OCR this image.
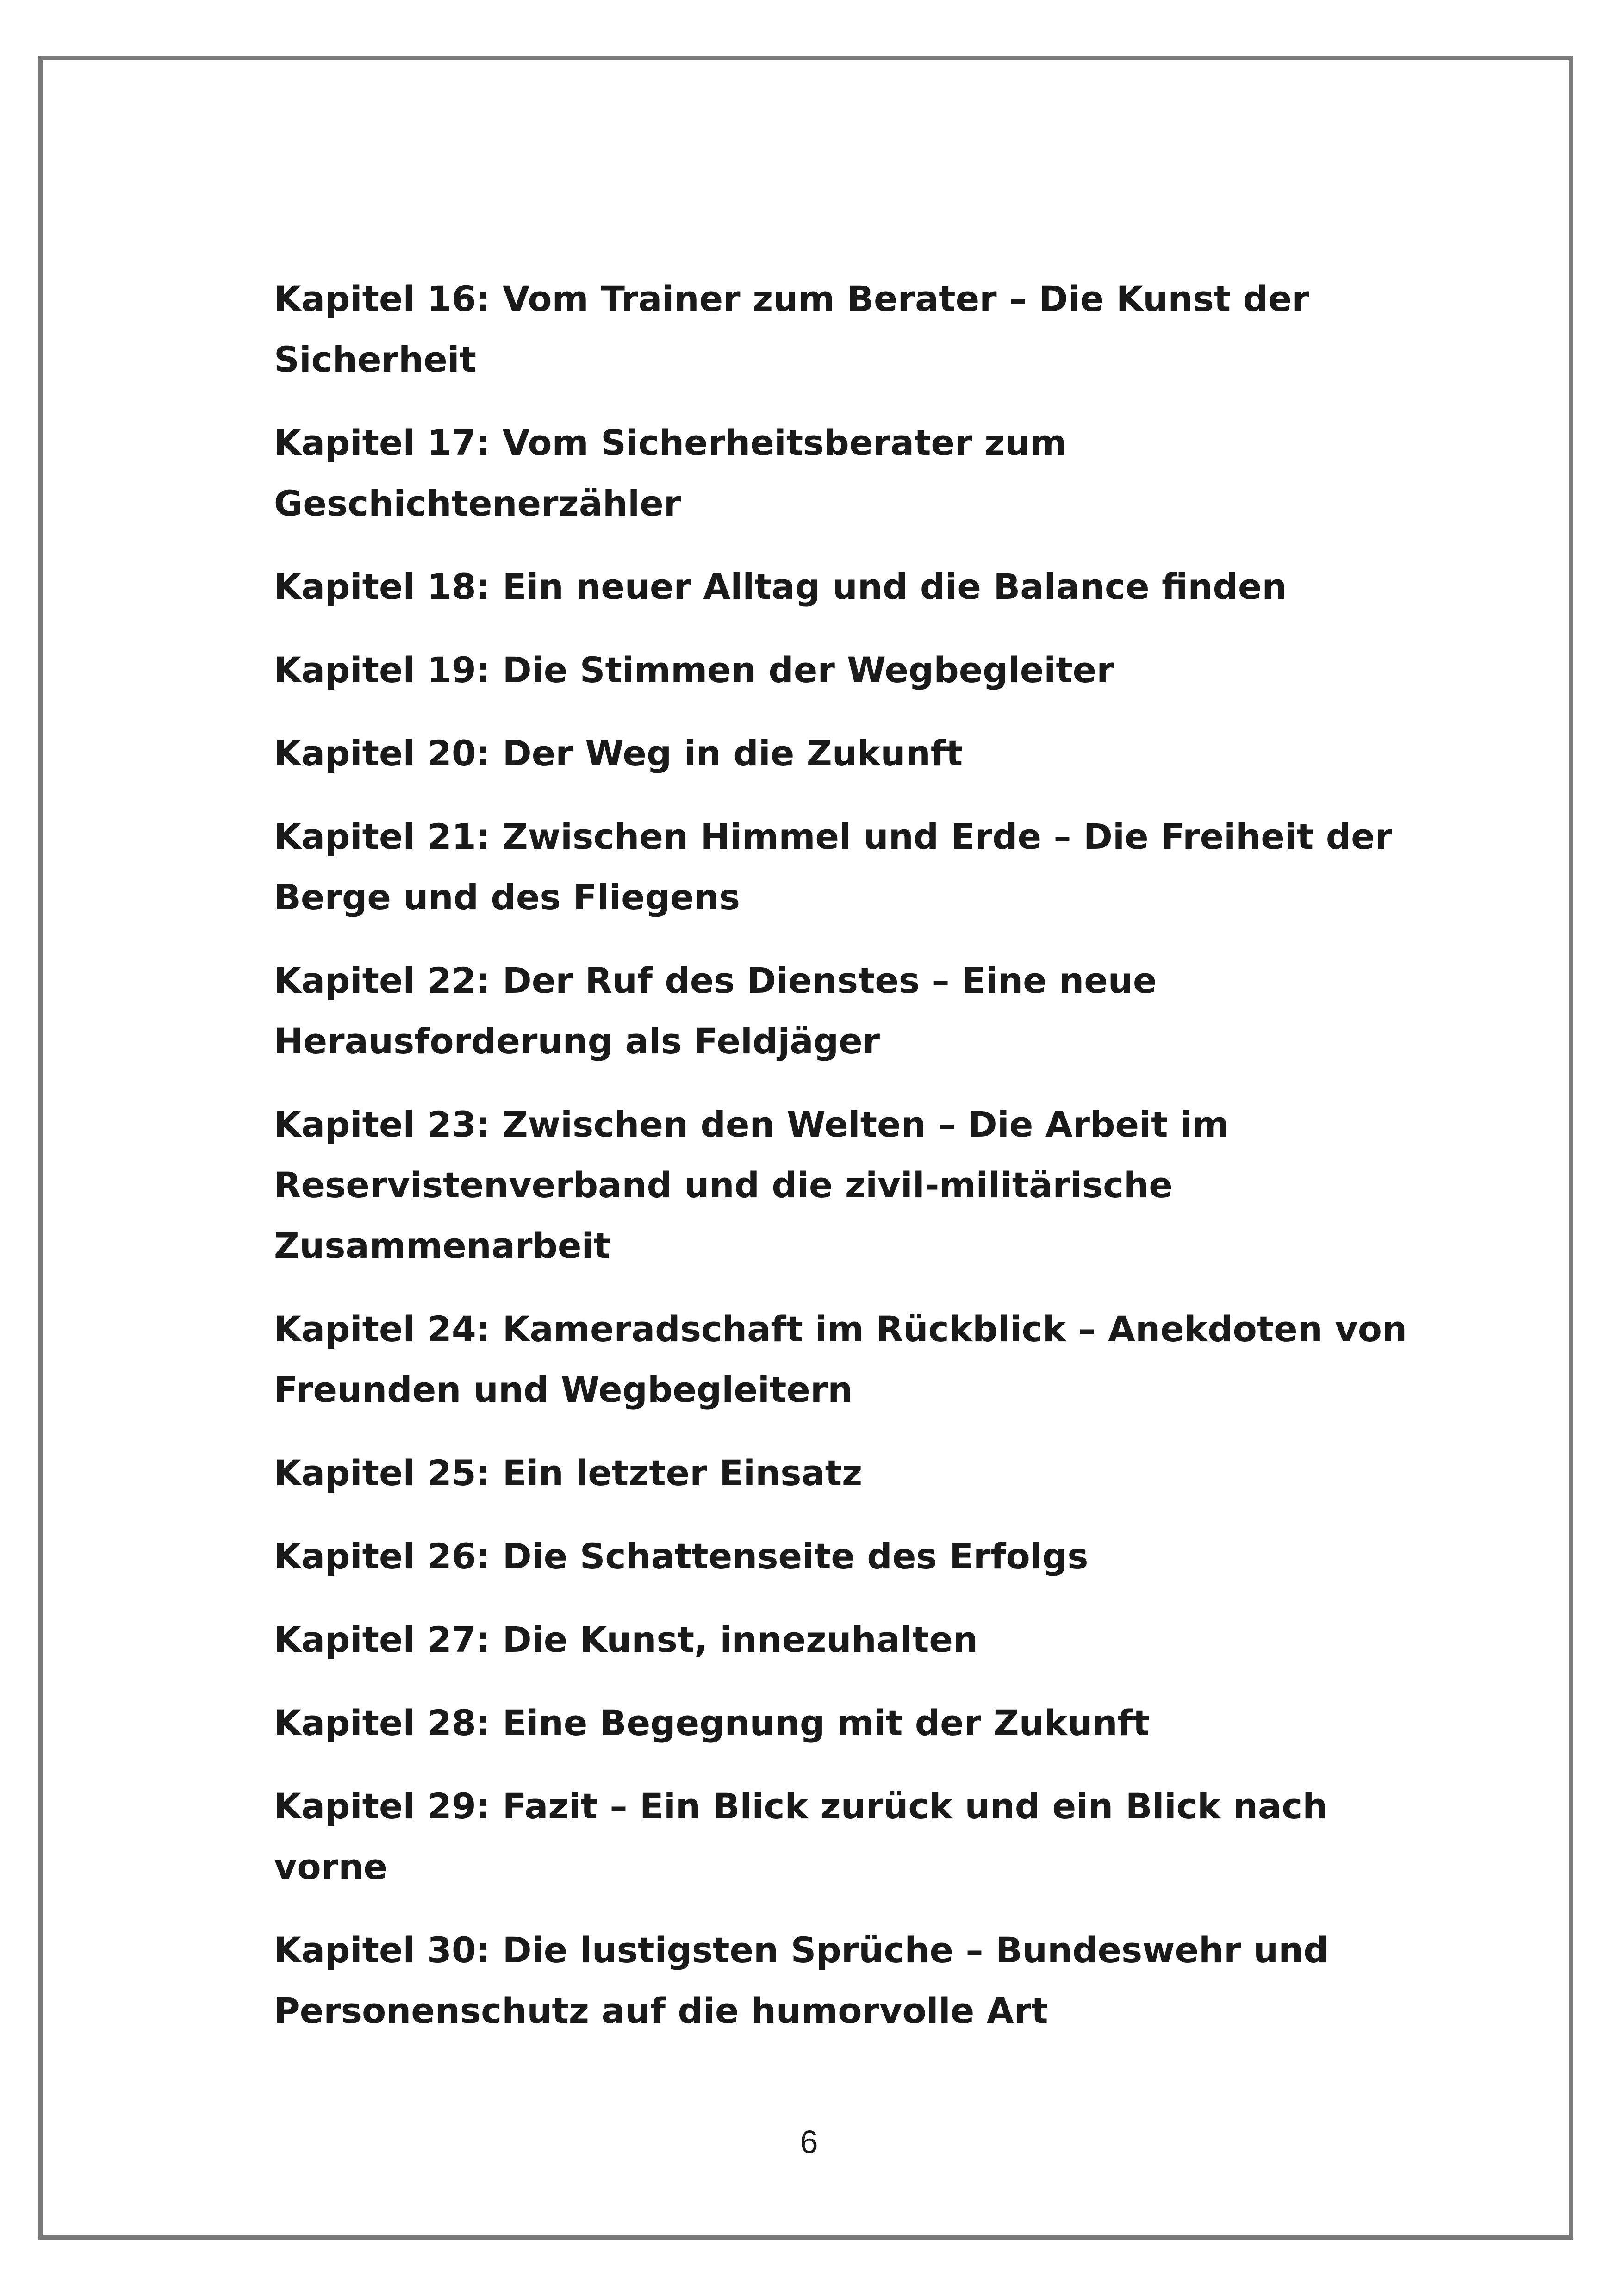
Kapitel 16: Vom Trainer zum Berater – Die Kunst der Sicherheit
Kapitel 17: Vom Sicherheitsberater zum Geschichtenerzähler
Kapitel 18: Ein neuer Alltag und die Balance finden
Kapitel 19: Die Stimmen der Wegbegleiter
Kapitel 20: Der Weg in die Zukunft
Kapitel 21: Zwischen Himmel und Erde – Die Freiheit der Berge und des Fliegens
Kapitel 22: Der Ruf des Dienstes – Eine neue Herausforderung als Feldjäger
Kapitel 23: Zwischen den Welten – Die Arbeit im Reservistenverband und die zivil-militärische Zusammenarbeit
Kapitel 24: Kameradschaft im Rückblick – Anekdoten von Freunden und Wegbegleitern
Kapitel 25: Ein letzter Einsatz
Kapitel 26: Die Schattenseite des Erfolgs
Kapitel 27: Die Kunst, innezuhalten
Kapitel 28: Eine Begegnung mit der Zukunft
Kapitel 29: Fazit – Ein Blick zurück und ein Blick nach vorne
Kapitel 30: Die lustigsten Sprüche – Bundeswehr und Personenschutz auf die humorvolle Art
6
